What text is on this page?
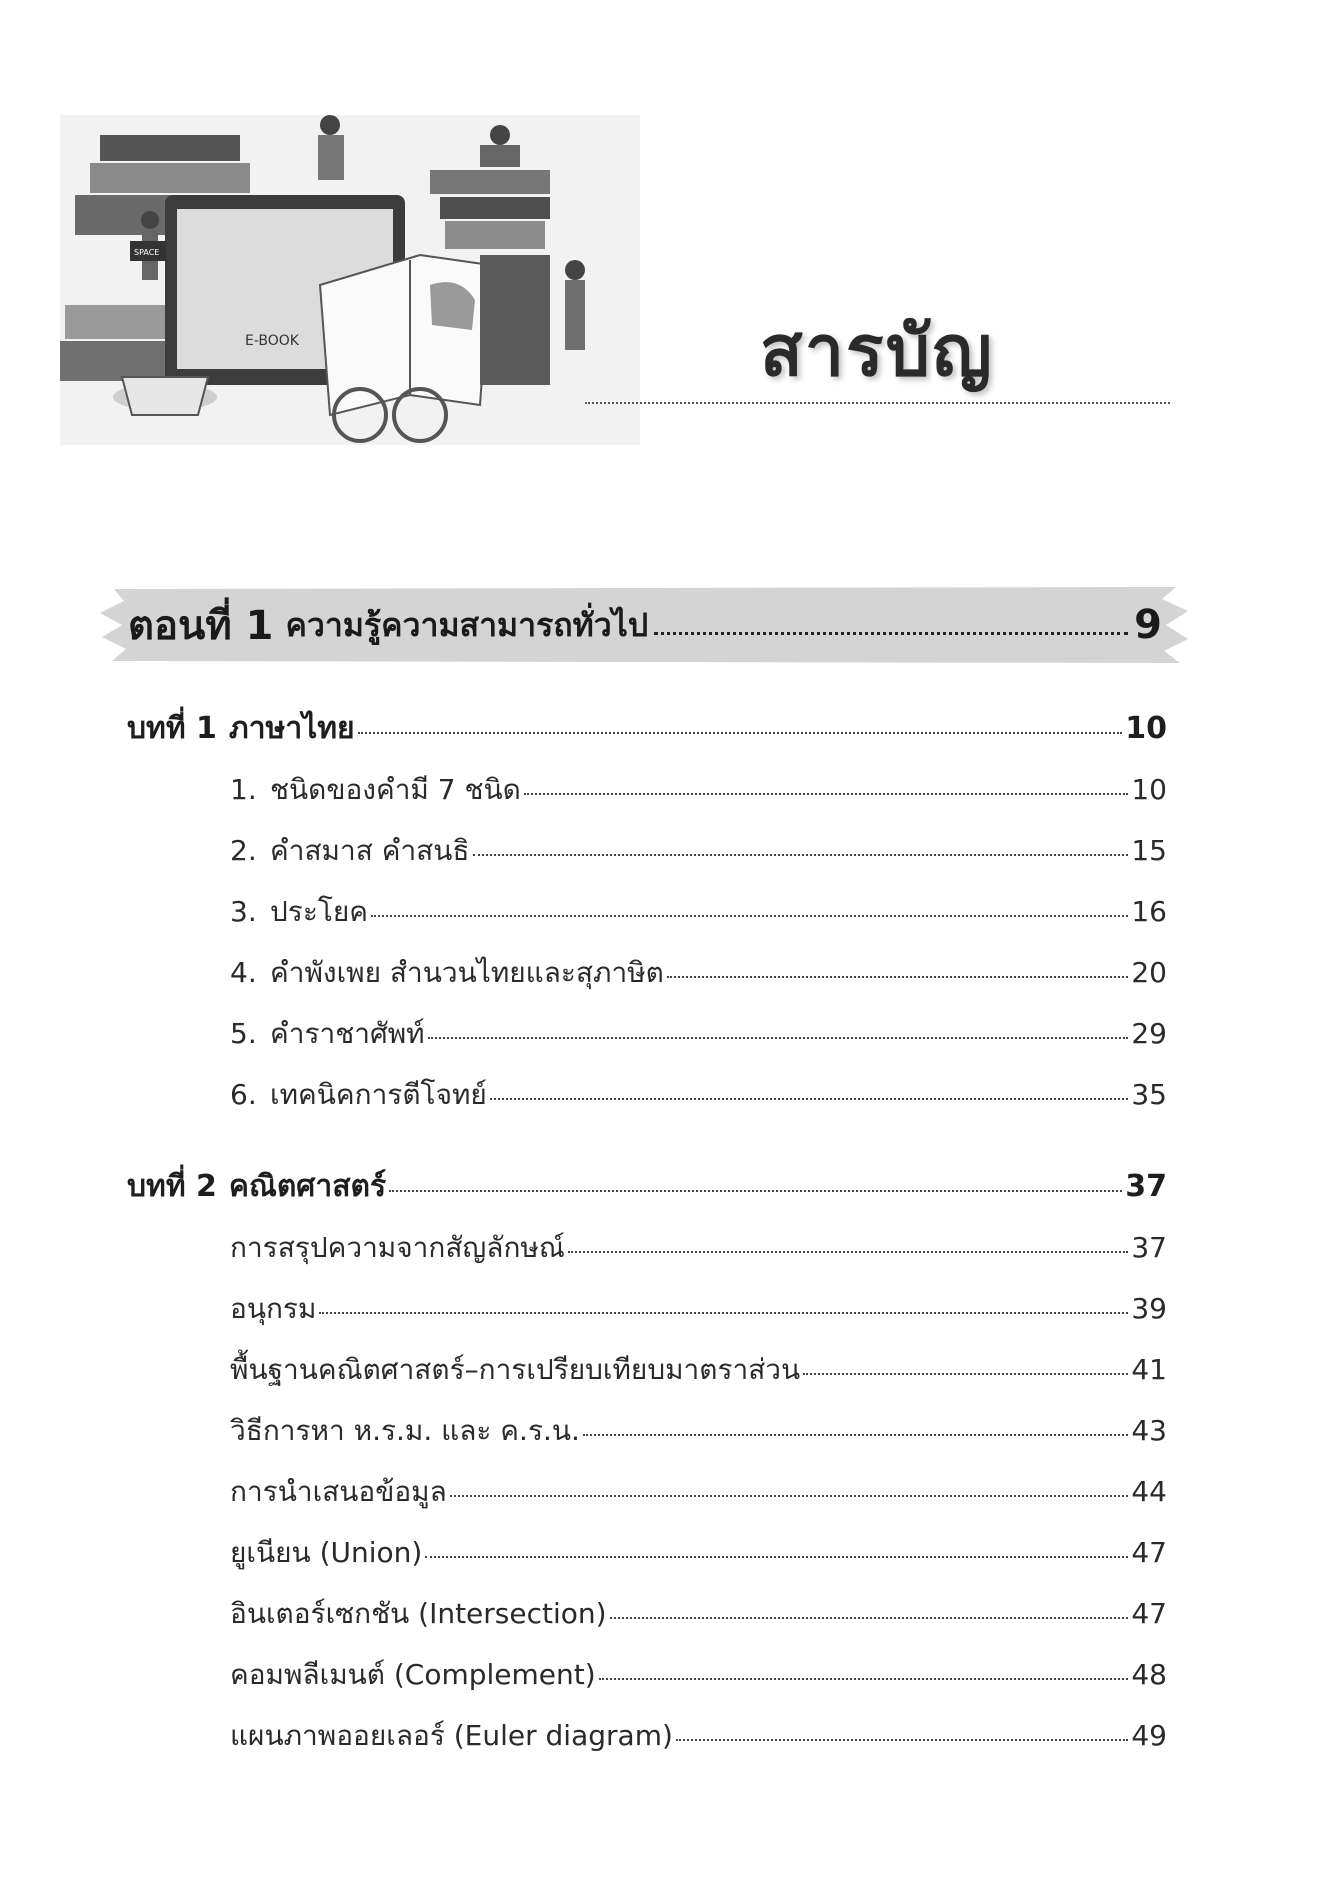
E-BOOK
SPACE
สารบัญ
ตอนที่ 1 ความรู้ความสามารถทั่วไป	9
บทที่ 1 ภาษาไทย	10
1. ชนิดของคำมี 7 ชนิด	10
2. คำสมาส คำสนธิ	15
3. ประโยค	16
4. คำพังเพย สำนวนไทยและสุภาษิต	20
5. คำราชาศัพท์	29
6. เทคนิคการตีโจทย์	35
บทที่ 2 คณิตศาสตร์	37
การสรุปความจากสัญลักษณ์	37
อนุกรม	39
พื้นฐานคณิตศาสตร์–การเปรียบเทียบมาตราส่วน	41
วิธีการหา ห.ร.ม. และ ค.ร.น.	43
การนำเสนอข้อมูล	44
ยูเนียน (Union)	47
อินเตอร์เซกชัน (Intersection)	47
คอมพลีเมนต์ (Complement)	48
แผนภาพออยเลอร์ (Euler diagram)	49
